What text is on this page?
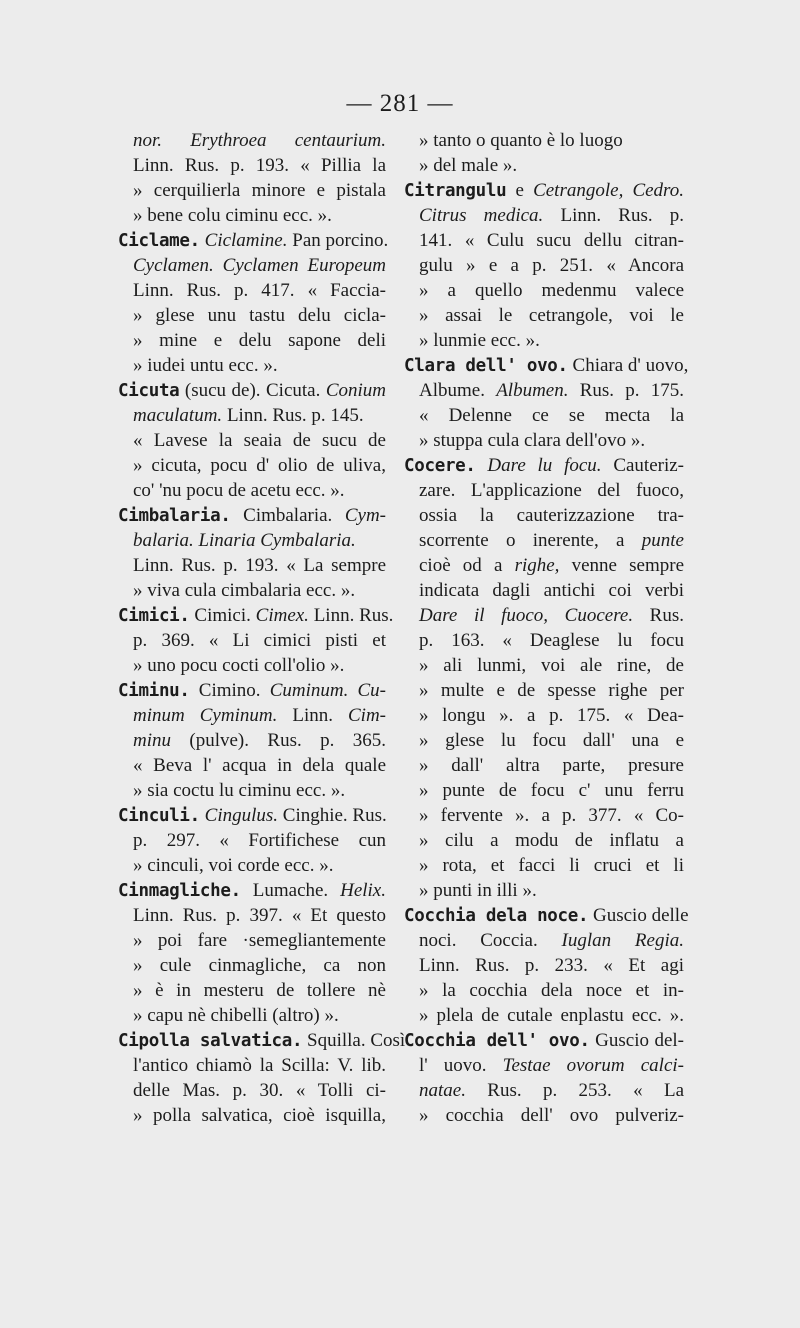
— 281 —
nor. Erythroea centaurium.
Linn. Rus. p. 193. « Pillia la
» cerquilierla minore e pistala
» bene colu ciminu ecc. ».
Ciclame. Ciclamine. Pan porcino.
Cyclamen. Cyclamen Europeum
Linn. Rus. p. 417. « Faccia-
» glese unu tastu delu cicla-
» mine e delu sapone deli
» iudei untu ecc. ».
Cicuta (sucu de). Cicuta. Conium
maculatum. Linn. Rus. p. 145.
« Lavese la seaia de sucu de
» cicuta, pocu d' olio de uliva,
co' 'nu pocu de acetu ecc. ».
Cimbalaria. Cimbalaria. Cym-
balaria. Linaria Cymbalaria.
Linn. Rus. p. 193. « La sempre
» viva cula cimbalaria ecc. ».
Cimici. Cimici. Cimex. Linn. Rus.
p. 369. « Li cimici pisti et
» uno pocu cocti coll'olio ».
Ciminu. Cimino. Cuminum. Cu-
minum Cyminum. Linn. Cim-
minu (pulve). Rus. p. 365.
« Beva l' acqua in dela quale
» sia coctu lu ciminu ecc. ».
Cinculi. Cingulus. Cinghie. Rus.
p. 297. « Fortifichese cun
» cinculi, voi corde ecc. ».
Cinmagliche. Lumache. Helix.
Linn. Rus. p. 397. « Et questo
» poi fare ·semegliantemente
» cule cinmagliche, ca non
» è in mesteru de tollere nè
» capu nè chibelli (altro) ».
Cipolla salvatica. Squilla. Così
l'antico chiamò la Scilla: V. lib.
delle Mas. p. 30. « Tolli ci-
» polla salvatica, cioè isquilla,
» tanto o quanto è lo luogo
» del male ».
Citrangulu e Cetrangole, Cedro.
Citrus medica. Linn. Rus. p.
141. « Culu sucu dellu citran-
gulu » e a p. 251. « Ancora
» a quello medenmu valece
» assai le cetrangole, voi le
» lunmie ecc. ».
Clara dell' ovo. Chiara d' uovo,
Albume. Albumen. Rus. p. 175.
« Delenne ce se mecta la
» stuppa cula clara dell'ovo ».
Cocere. Dare lu focu. Cauteriz-
zare. L'applicazione del fuoco,
ossia la cauterizzazione tra-
scorrente o inerente, a punte
cioè od a righe, venne sempre
indicata dagli antichi coi verbi
Dare il fuoco, Cuocere. Rus.
p. 163. « Deaglese lu focu
» ali lunmi, voi ale rine, de
» multe e de spesse righe per
» longu ». a p. 175. « Dea-
» glese lu focu dall' una e
» dall' altra parte, presure
» punte de focu c' unu ferru
» fervente ». a p. 377. « Co-
» cilu a modu de inflatu a
» rota, et facci li cruci et li
» punti in illi ».
Cocchia dela noce. Guscio delle
noci. Coccia. Iuglan Regia.
Linn. Rus. p. 233. « Et agi
» la cocchia dela noce et in-
» plela de cutale enplastu ecc. ».
Cocchia dell' ovo. Guscio del-
l' uovo. Testae ovorum calci-
natae. Rus. p. 253. « La
» cocchia dell' ovo pulveriz-
